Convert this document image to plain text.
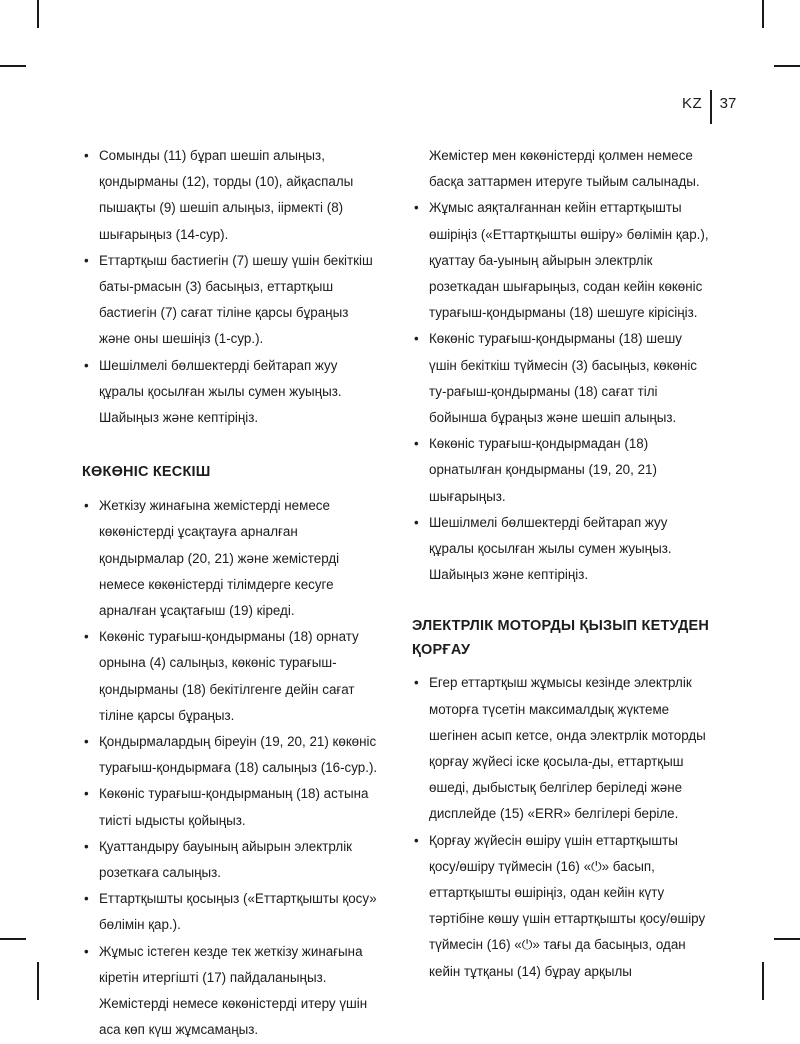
KZ 37
• Сомынды (11) бұрап шешіп алыңыз, қондырманы (12), торды (10), айқаспалы пышақты (9) шешіп алыңыз, іірмекті (8) шығарыңыз (14-сур).
• Еттартқыш бастиегін (7) шешу үшін бекіткіш баты-рмасын (3) басыңыз, еттартқыш бастиегін (7) сағат тіліне қарсы бұраңыз және оны шешіңіз (1-сур.).
• Шешілмелі бөлшектерді бейтарап жуу құралы қосылған жылы сумен жуыңыз. Шайыңыз және кептіріңіз.
КӨКӨНІС КЕСКІШ
• Жеткізу жинағына жемістерді немесе көкөністерді ұсақтауға арналған қондырмалар (20, 21) және жемістерді немесе көкөністерді тілімдерге кесуге арналған ұсақтағыш (19) кіреді.
• Көкөніс турағыш-қондырманы (18) орнату орнына (4) салыңыз, көкөніс турағыш-қондырманы (18) бекітілгенге дейін сағат тіліне қарсы бұраңыз.
• Қондырмалардың біреуін (19, 20, 21) көкөніс турағыш-қондырмаға (18) салыңыз (16-сур.).
• Көкөніс турағыш-қондырманың (18) астына тиісті ыдысты қойыңыз.
• Қуаттандыру бауының айырын электрлік розеткаға салыңыз.
• Еттартқышты қосыңыз («Еттартқышты қосу» бөлімін қар.).
• Жұмыс істеген кезде тек жеткізу жинағына кіретін итергішті (17) пайдаланыңыз. Жемістерді немесе көкөністерді итеру үшін аса көп күш жұмсамаңыз.

Жемістер мен көкөністерді қолмен немесе басқа заттармен итеруге тыйым салынады.

• Жұмыс аяқталғаннан кейін еттартқышты өшіріңіз («Еттартқышты өшіру» бөлімін қар.), қуаттау ба-уының айырын электрлік розеткадан шығарыңыз, содан кейін көкөніс турағыш-қондырманы (18) шешуге кірісіңіз.
• Көкөніс турағыш-қондырманы (18) шешу үшін бекіткіш түймесін (3) басыңыз, көкөніс ту-рағыш-қондырманы (18) сағат тілі бойынша бұраңыз және шешіп алыңыз.
• Көкөніс турағыш-қондырмадан (18) орнатылған қондырманы (19, 20, 21) шығарыңыз.
• Шешілмелі бөлшектерді бейтарап жуу құралы қосылған жылы сумен жуыңыз. Шайыңыз және кептіріңіз.
ЭЛЕКТРЛІК МОТОРДЫ ҚЫЗЫП КЕТУДЕН ҚОРҒАУ
• Егер еттартқыш жұмысы кезінде электрлік моторға түсетін максималдық жүктеме шегінен асып кетсе, онда электрлік моторды қорғау жүйесі іске қосыла-ды, еттартқыш өшеді, дыбыстық белгілер беріледі және дисплейде (15) «ERR» белгілері беріле.
• Қорғау жүйесін өшіру үшін еттартқышты қосу/өшіру түймесін (16) «⏻» басып, еттартқышты өшіріңіз, одан кейін күту тәртібіне көшу үшін еттартқышты қосу/өшіру түймесін (16) «⏻» тағы да басыңыз, одан кейін тұтқаны (14) бұрау арқылы
